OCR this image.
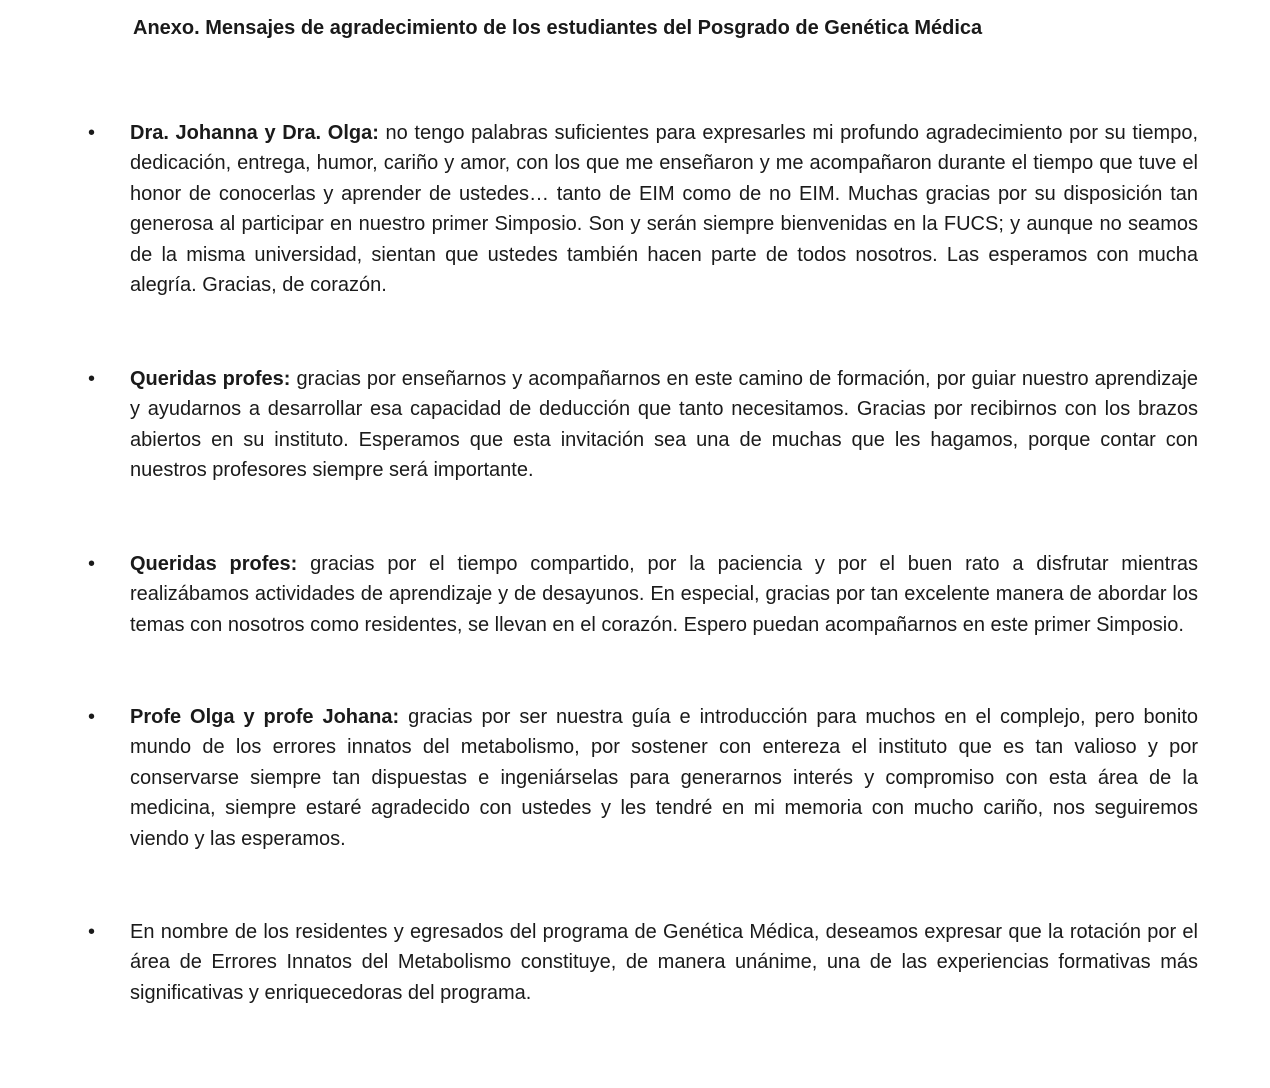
Anexo. Mensajes de agradecimiento de los estudiantes del Posgrado de Genética Médica
•	Dra. Johanna y Dra. Olga: no tengo palabras suficientes para expresarles mi profundo agradecimiento por su tiempo, dedicación, entrega, humor, cariño y amor, con los que me enseñaron y me acompañaron durante el tiempo que tuve el honor de conocerlas y aprender de ustedes… tanto de EIM como de no EIM. Muchas gracias por su disposición tan generosa al participar en nuestro primer Simposio. Son y serán siempre bienvenidas en la FUCS; y aunque no seamos de la misma universidad, sientan que ustedes también hacen parte de todos nosotros. Las esperamos con mucha alegría. Gracias, de corazón.
•	Queridas profes: gracias por enseñarnos y acompañarnos en este camino de formación, por guiar nuestro aprendizaje y ayudarnos a desarrollar esa capacidad de deducción que tanto necesitamos. Gracias por recibirnos con los brazos abiertos en su instituto. Esperamos que esta invitación sea una de muchas que les hagamos, porque contar con nuestros profesores siempre será importante.
•	Queridas profes: gracias por el tiempo compartido, por la paciencia y por el buen rato a disfrutar mientras realizábamos actividades de aprendizaje y de desayunos. En especial, gracias por tan excelente manera de abordar los temas con nosotros como residentes, se llevan en el corazón. Espero puedan acompañarnos en este primer Simposio.
•	Profe Olga y profe Johana: gracias por ser nuestra guía e introducción para muchos en el complejo, pero bonito mundo de los errores innatos del metabolismo, por sostener con entereza el instituto que es tan valioso y por conservarse siempre tan dispuestas e ingeniárselas para generarnos interés y compromiso con esta área de la medicina, siempre estaré agradecido con ustedes y les tendré en mi memoria con mucho cariño, nos seguiremos viendo y las esperamos.
•	En nombre de los residentes y egresados del programa de Genética Médica, deseamos expresar que la rotación por el área de Errores Innatos del Metabolismo constituye, de manera unánime, una de las experiencias formativas más significativas y enriquecedoras del programa.
